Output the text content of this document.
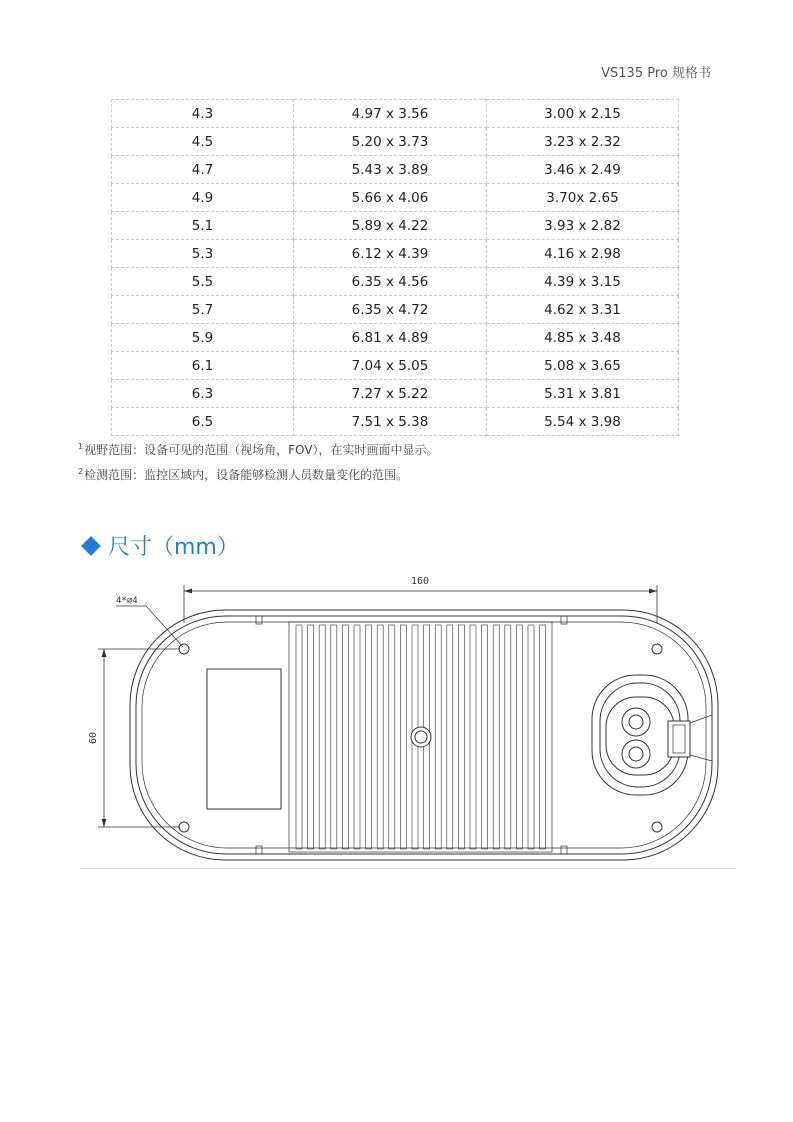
VS135 Pro 规格书
4.3	4.97 x 3.56	3.00 x 2.15
4.5	5.20 x 3.73	3.23 x 2.32
4.7	5.43 x 3.89	3.46 x 2.49
4.9	5.66 x 4.06	3.70x 2.65
5.1	5.89 x 4.22	3.93 x 2.82
5.3	6.12 x 4.39	4.16 x 2.98
5.5	6.35 x 4.56	4.39 x 3.15
5.7	6.35 x 4.72	4.62 x 3.31
5.9	6.81 x 4.89	4.85 x 3.48
6.1	7.04 x 5.05	5.08 x 3.65
6.3	7.27 x 5.22	5.31 x 3.81
6.5	7.51 x 5.38	5.54 x 3.98
$^1$视野范围：设备可见的范围（视场角，FOV），在实时画面中显示。
$^2$检测范围：监控区域内，设备能够检测人员数量变化的范围。
尺寸（mm）
160
4*∅4
60
